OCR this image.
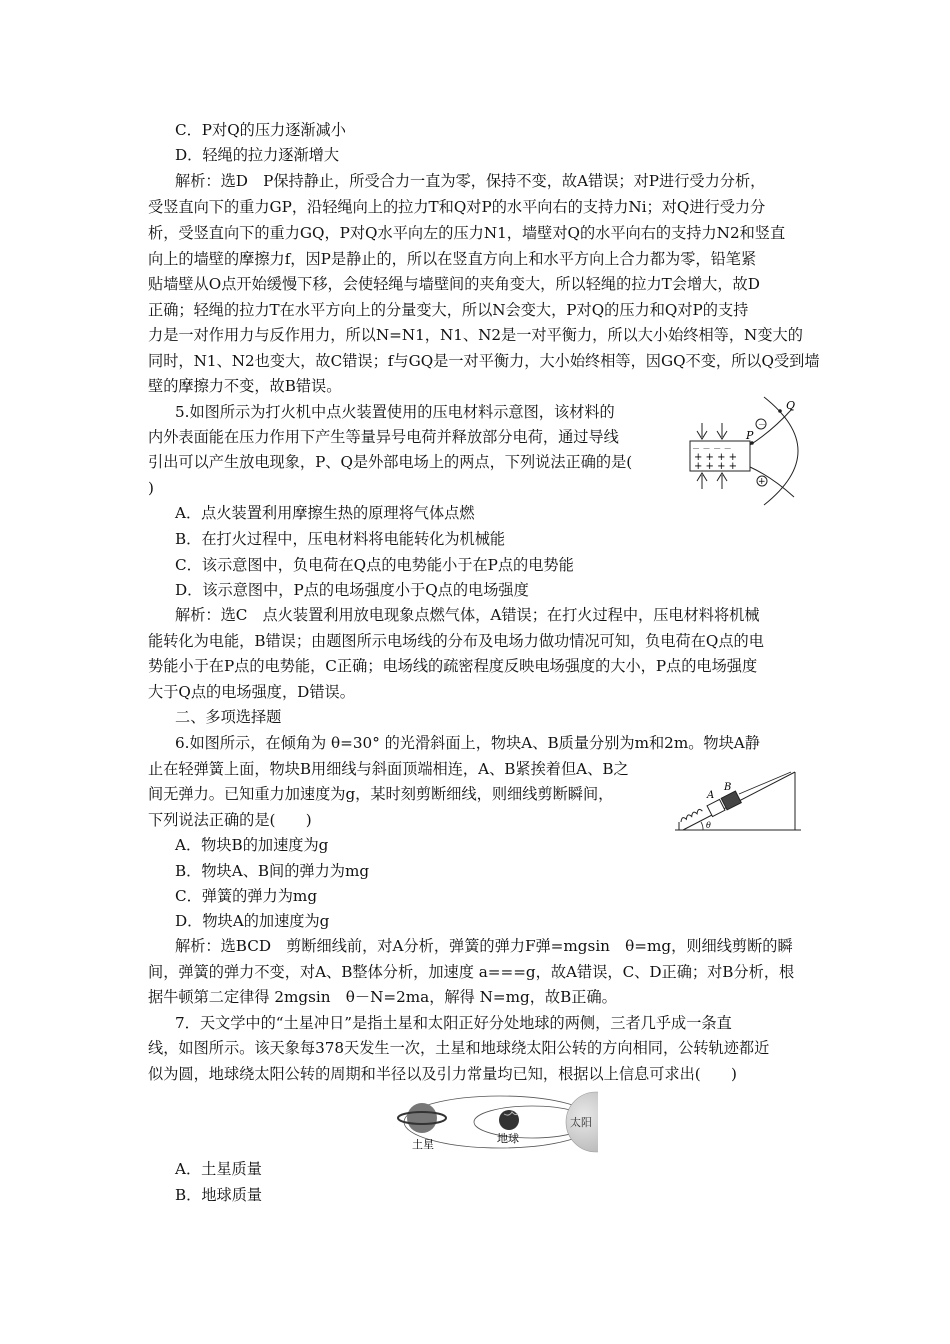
C．P对Q的压力逐渐减小
D．轻绳的拉力逐渐增大
解析：选D　P保持静止，所受合力一直为零，保持不变，故A错误；对P进行受力分析，
受竖直向下的重力GP，沿轻绳向上的拉力T和Q对P的水平向右的支持力Ni；对Q进行受力分
析，受竖直向下的重力GQ，P对Q水平向左的压力N1，墙壁对Q的水平向右的支持力N2和竖直
向上的墙壁的摩擦力f，因P是静止的，所以在竖直方向上和水平方向上合力都为零，铅笔紧
贴墙壁从O点开始缓慢下移，会使轻绳与墙壁间的夹角变大，所以轻绳的拉力T会增大，故D
正确；轻绳的拉力T在水平方向上的分量变大，所以N会变大，P对Q的压力和Q对P的支持
力是一对作用力与反作用力，所以N=N1，N1、N2是一对平衡力，所以大小始终相等，N变大的
同时，N1、N2也变大，故C错误；f与GQ是一对平衡力，大小始终相等，因GQ不变，所以Q受到墙
壁的摩擦力不变，故B错误。
5.如图所示为打火机中点火装置使用的压电材料示意图，该材料的
内外表面能在压力作用下产生等量异号电荷并释放部分电荷，通过导线
引出可以产生放电现象，P、Q是外部电场上的两点，下列说法正确的是(
)
A．点火装置利用摩擦生热的原理将气体点燃
B．在打火过程中，压电材料将电能转化为机械能
C．该示意图中，负电荷在Q点的电势能小于在P点的电势能
D．该示意图中，P点的电场强度小于Q点的电场强度
解析：选C　点火装置利用放电现象点燃气体，A错误；在打火过程中，压电材料将机械
能转化为电能，B错误；由题图所示电场线的分布及电场力做功情况可知，负电荷在Q点的电
势能小于在P点的电势能，C正确；电场线的疏密程度反映电场强度的大小，P点的电场强度
大于Q点的电场强度，D错误。
二、多项选择题
6.如图所示，在倾角为 θ=30° 的光滑斜面上，物块A、B质量分别为m和2m。物块A静
止在轻弹簧上面，物块B用细线与斜面顶端相连，A、B紧挨着但A、B之
间无弹力。已知重力加速度为g，某时刻剪断细线，则细线剪断瞬间，
下列说法正确的是(　　)
A．物块B的加速度为g
B．物块A、B间的弹力为mg
C．弹簧的弹力为mg
D．物块A的加速度为g
解析：选BCD　剪断细线前，对A分析，弹簧的弹力F弹=mgsin　θ=mg，则细线剪断的瞬
间，弹簧的弹力不变，对A、B整体分析，加速度 a===g，故A错误，C、D正确；对B分析，根
据牛顿第二定律得 2mgsin　θ－N=2ma，解得 N=mg，故B正确。
7．天文学中的“土星冲日”是指土星和太阳正好分处地球的两侧，三者几乎成一条直
线，如图所示。该天象每378天发生一次，土星和地球绕太阳公转的方向相同，公转轨迹都近
似为圆，地球绕太阳公转的周期和半径以及引力常量均已知，根据以上信息可求出(　　)
A．土星质量
B．地球质量
－ － － －
+ + + +
+ + + +
－
+
P
Q
A
B
θ
土星	地球
太阳
